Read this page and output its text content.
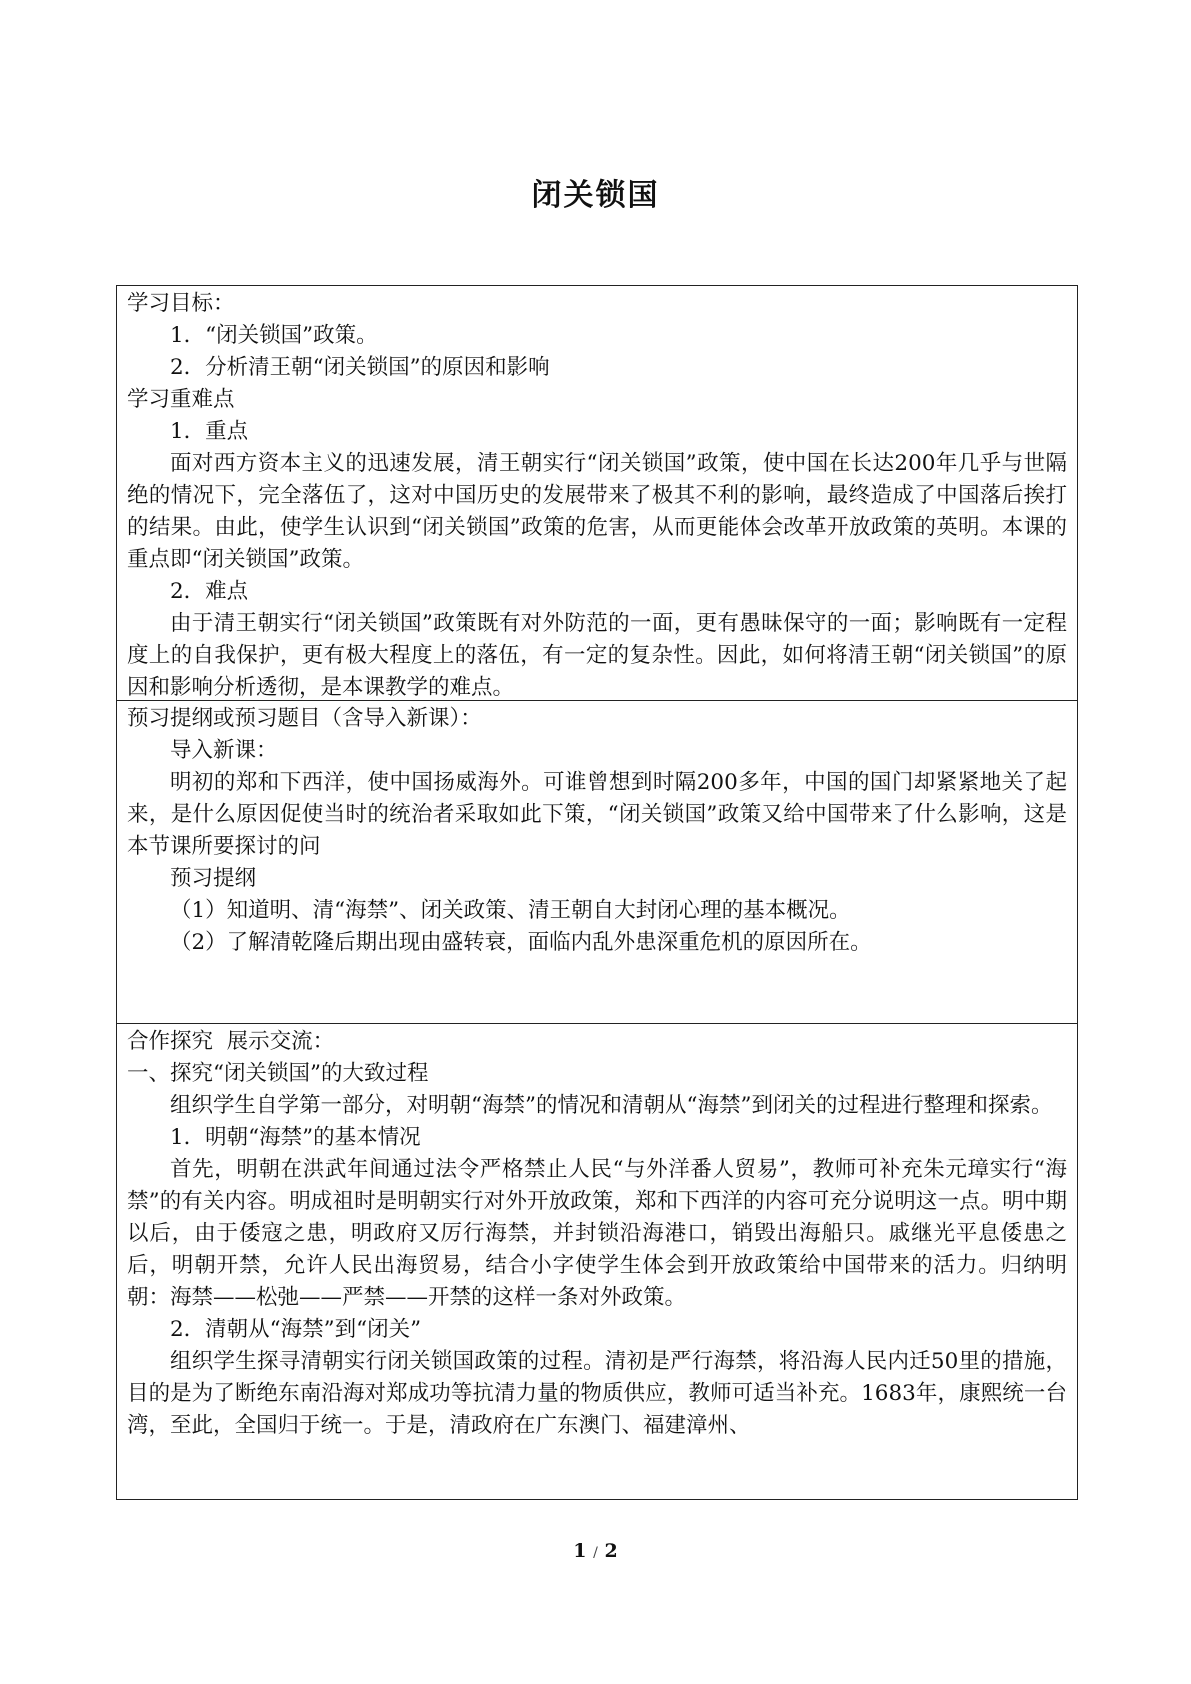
闭关锁国

学习目标：

1．“闭关锁国”政策。

2．分析清王朝“闭关锁国”的原因和影响

学习重难点

1．重点

面对西方资本主义的迅速发展，清王朝实行“闭关锁国”政策，使中国在长达200年几乎与世隔绝的情况下，完全落伍了，这对中国历史的发展带来了极其不利的影响，最终造成了中国落后挨打的结果。由此，使学生认识到“闭关锁国”政策的危害，从而更能体会改革开放政策的英明。本课的重点即“闭关锁国”政策。

2．难点

由于清王朝实行“闭关锁国”政策既有对外防范的一面，更有愚昧保守的一面；影响既有一定程度上的自我保护，更有极大程度上的落伍，有一定的复杂性。因此，如何将清王朝“闭关锁国”的原因和影响分析透彻，是本课教学的难点。

预习提纲或预习题目（含导入新课）：

导入新课：

明初的郑和下西洋，使中国扬威海外。可谁曾想到时隔200多年，中国的国门却紧紧地关了起来，是什么原因促使当时的统治者采取如此下策，“闭关锁国”政策又给中国带来了什么影响，这是本节课所要探讨的问

预习提纲

（1）知道明、清“海禁”、闭关政策、清王朝自大封闭心理的基本概况。

（2）了解清乾隆后期出现由盛转衰，面临内乱外患深重危机的原因所在。

合作探究  展示交流：

一、探究“闭关锁国”的大致过程

组织学生自学第一部分，对明朝“海禁”的情况和清朝从“海禁”到闭关的过程进行整理和探索。

1．明朝“海禁”的基本情况

首先，明朝在洪武年间通过法令严格禁止人民“与外洋番人贸易”，教师可补充朱元璋实行“海禁”的有关内容。明成祖时是明朝实行对外开放政策，郑和下西洋的内容可充分说明这一点。明中期以后，由于倭寇之患，明政府又厉行海禁，并封锁沿海港口，销毁出海船只。戚继光平息倭患之后，明朝开禁，允许人民出海贸易，结合小字使学生体会到开放政策给中国带来的活力。归纳明朝：海禁——松弛——严禁——开禁的这样一条对外政策。

2．清朝从“海禁”到“闭关”

组织学生探寻清朝实行闭关锁国政策的过程。清初是严行海禁，将沿海人民内迁50里的措施，目的是为了断绝东南沿海对郑成功等抗清力量的物质供应，教师可适当补充。1683年，康熙统一台湾，至此，全国归于统一。于是，清政府在广东澳门、福建漳州、

1 / 2
